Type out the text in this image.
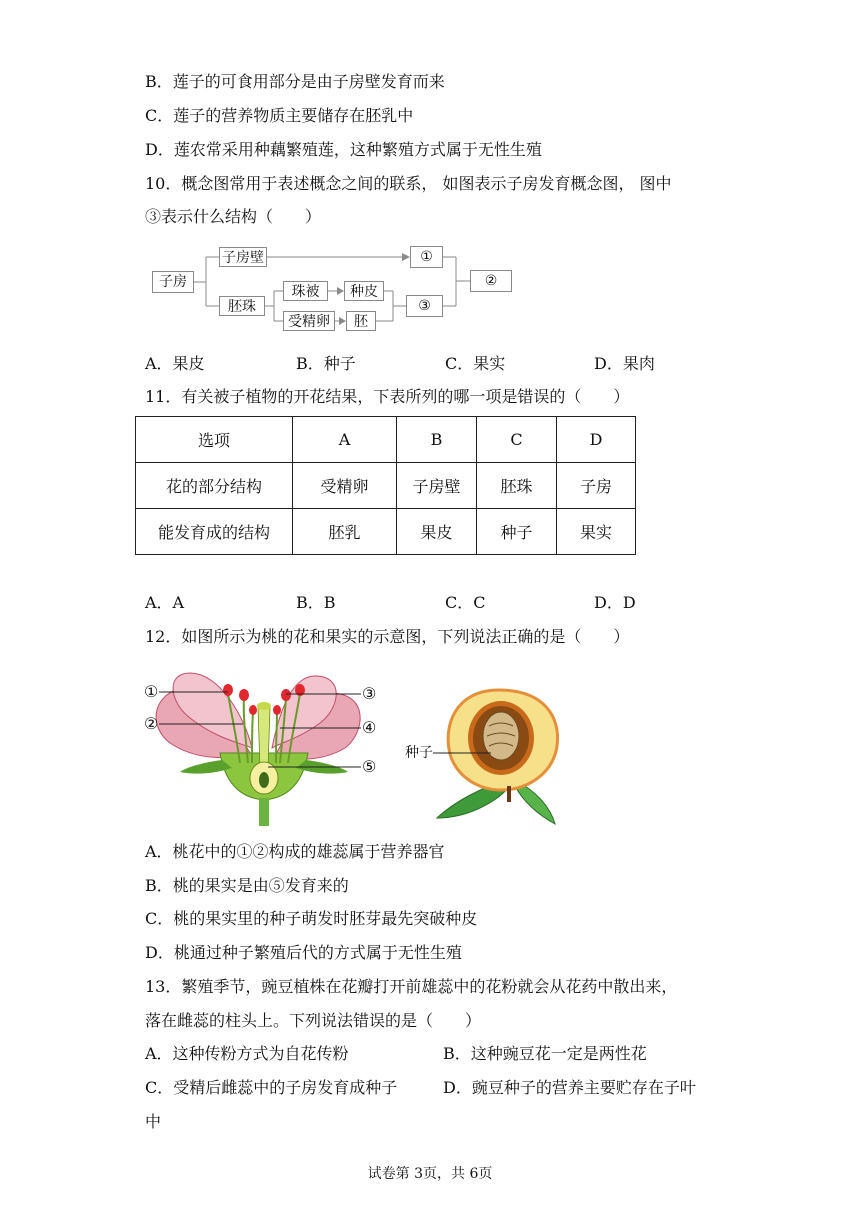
B．莲子的可食用部分是由子房壁发育而来
C．莲子的营养物质主要储存在胚乳中
D．莲农常采用种藕繁殖莲，这种繁殖方式属于无性生殖
10．概念图常用于表述概念之间的联系， 如图表示子房发育概念图， 图中
③表示什么结构（　　）
子房
子房壁	①
胚珠
珠被	种皮
受精卵	胚
③
②
A．果皮	B．种子	C．果实	D．果肉
11．有关被子植物的开花结果，下表所列的哪一项是错误的（　　）
选项	A	B	C	D
花的部分结构	受精卵	子房壁	胚珠	子房
能发育成的结构	胚乳	果皮	种子	果实
A．A	B．B	C．C	D．D
12．如图所示为桃的花和果实的示意图，下列说法正确的是（　　）
①
②
③
④
⑤
种子
A．桃花中的①②构成的雄蕊属于营养器官
B．桃的果实是由⑤发育来的
C．桃的果实里的种子萌发时胚芽最先突破种皮
D．桃通过种子繁殖后代的方式属于无性生殖
13．繁殖季节，豌豆植株在花瓣打开前雄蕊中的花粉就会从花药中散出来，
落在雌蕊的柱头上。下列说法错误的是（　　）
A．这种传粉方式为自花传粉	B．这种豌豆花一定是两性花
C．受精后雌蕊中的子房发育成种子	D．豌豆种子的营养主要贮存在子叶
中
试卷第 3页，共 6页
